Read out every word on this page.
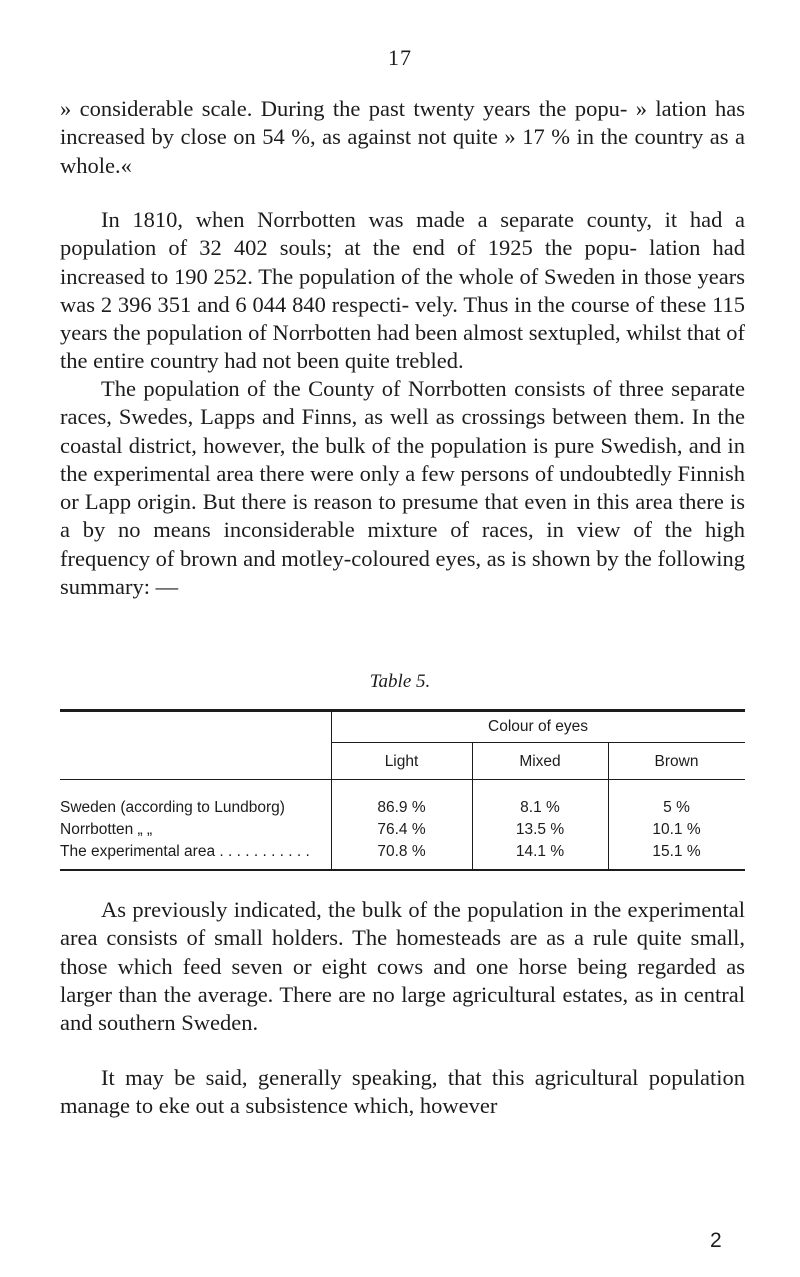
17

» considerable scale. During the past twenty years the popu- » lation has increased by close on 54 %, as against not quite » 17 % in the country as a whole.«

In 1810, when Norrbotten was made a separate county, it had a population of 32 402 souls; at the end of 1925 the popu- lation had increased to 190 252. The population of the whole of Sweden in those years was 2 396 351 and 6 044 840 respecti- vely. Thus in the course of these 115 years the population of Norrbotten had been almost sextupled, whilst that of the entire country had not been quite trebled.

The population of the County of Norrbotten consists of three separate races, Swedes, Lapps and Finns, as well as crossings between them. In the coastal district, however, the bulk of the population is pure Swedish, and in the experimental area there were only a few persons of undoubtedly Finnish or Lapp origin. But there is reason to presume that even in this area there is a by no means inconsiderable mixture of races, in view of the high frequency of brown and motley-coloured eyes, as is shown by the following summary: —

Table 5.
Colour of eyes
Light	Mixed	Brown
Sweden (according to Lundborg)	86.9 %	8.1 %	5 %
Norrbotten „ „	76.4 %	13.5 %	10.1 %
The experimental area . . . . . . . . . . .	70.8 %	14.1 %	15.1 %

As previously indicated, the bulk of the population in the experimental area consists of small holders. The homesteads are as a rule quite small, those which feed seven or eight cows and one horse being regarded as larger than the average. There are no large agricultural estates, as in central and southern Sweden.

It may be said, generally speaking, that this agricultural population manage to eke out a subsistence which, however

2
